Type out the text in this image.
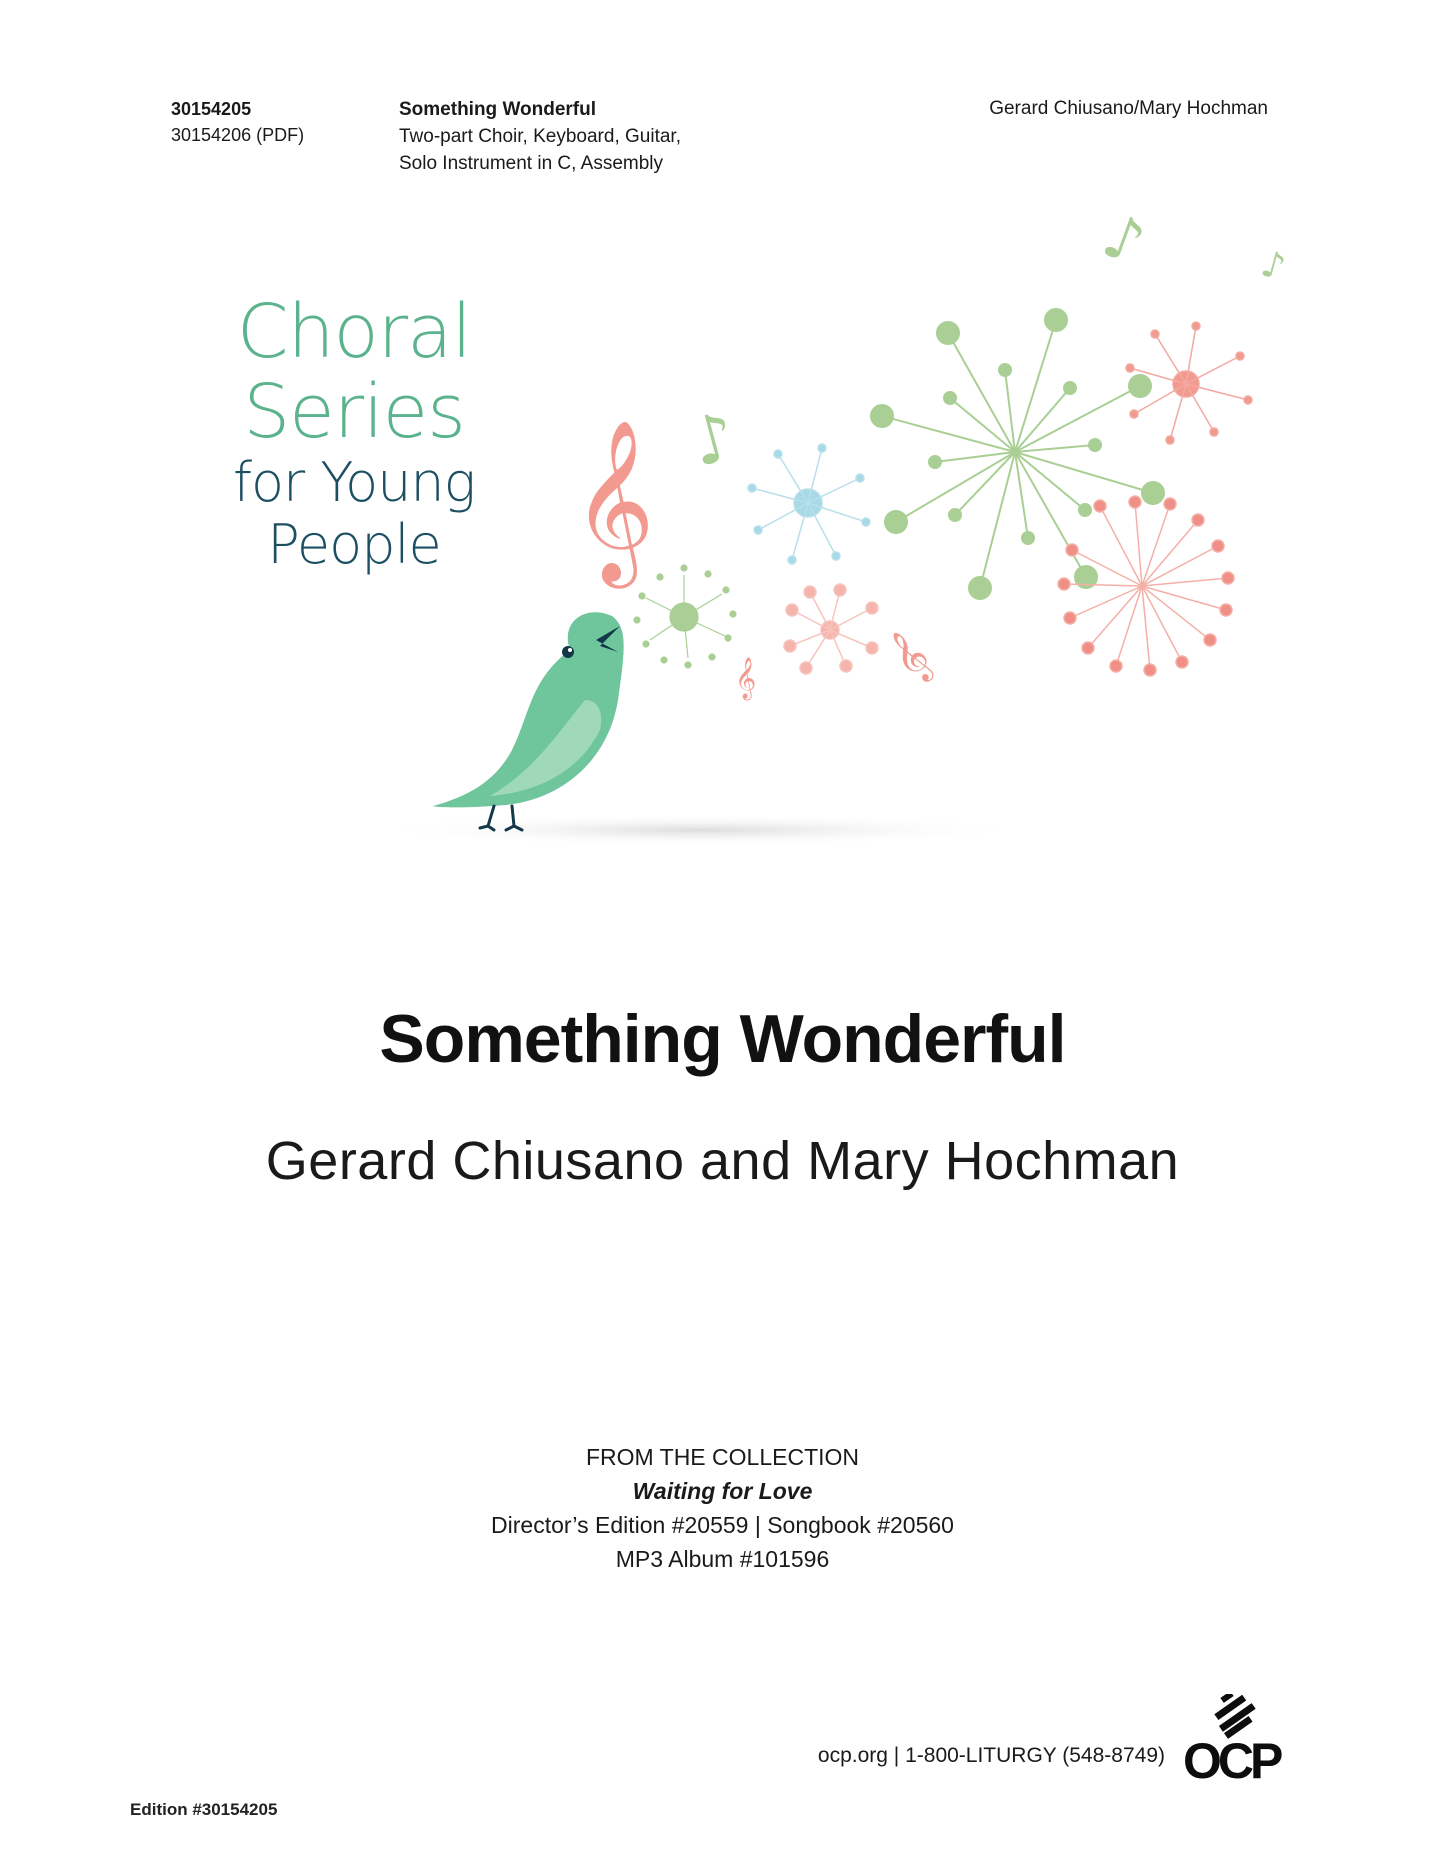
30154205
30154206 (PDF)
Something Wonderful
Two-part Choir, Keyboard, Guitar,
Solo Instrument in C, Assembly
Gerard Chiusano/Mary Hochman
Choral
Series
for Young
People 𝄞
𝄞
𝄞
♪
♪	♪
Something Wonderful
Gerard Chiusano and Mary Hochman
FROM THE COLLECTION
Waiting for Love
Director’s Edition #20559 | Songbook #20560
MP3 Album #101596
ocp.org | 1-800-LITURGY (548-8749) OCP
Edition #30154205
